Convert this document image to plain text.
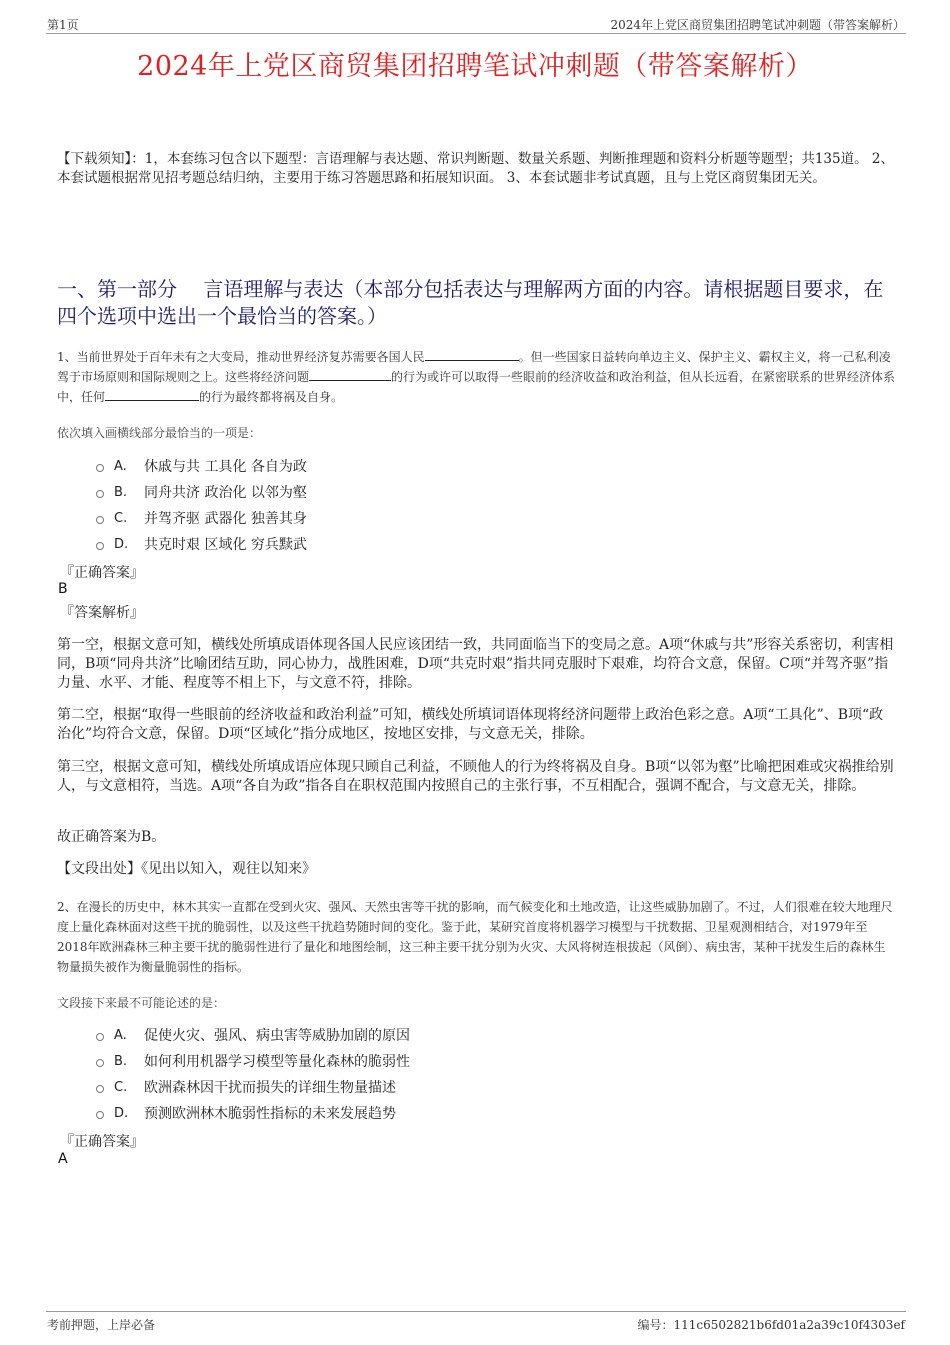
第1页	2024年上党区商贸集团招聘笔试冲刺题（带答案解析）
2024年上党区商贸集团招聘笔试冲刺题（带答案解析）
【下载须知】：1，本套练习包含以下题型：言语理解与表达题、常识判断题、数量关系题、判断推理题和资料分析题等题型；共135道。 2、本套试题根据常见招考题总结归纳，主要用于练习答题思路和拓展知识面。 3、本套试题非考试真题，且与上党区商贸集团无关。
一、第一部分　 言语理解与表达（本部分包括表达与理解两方面的内容。请根据题目要求，在四个选项中选出一个最恰当的答案。）
1、当前世界处于百年未有之大变局，推动世界经济复苏需要各国人民	。但一些国家日益转向单边主义、保护主义、霸权主义，将一己私利凌驾于市场原则和国际规则之上。这些将经济问题	的行为或许可以取得一些眼前的经济收益和政治利益，但从长远看，在紧密联系的世界经济体系中，任何	的行为最终都将祸及自身。
依次填入画横线部分最恰当的一项是：
A.	休戚与共 工具化 各自为政
B.	同舟共济 政治化 以邻为壑
C.	并驾齐驱 武器化 独善其身
D.	共克时艰 区域化 穷兵黩武
『正确答案』
B
『答案解析』
第一空，根据文意可知，横线处所填成语体现各国人民应该团结一致，共同面临当下的变局之意。A项“休戚与共”形容关系密切，利害相同，B项“同舟共济”比喻团结互助，同心协力，战胜困难，D项“共克时艰”指共同克服时下艰难，均符合文意，保留。C项“并驾齐驱”指力量、水平、才能、程度等不相上下，与文意不符，排除。
第二空，根据“取得一些眼前的经济收益和政治利益”可知，横线处所填词语体现将经济问题带上政治色彩之意。A项“工具化”、B项“政治化”均符合文意，保留。D项“区域化”指分成地区，按地区安排，与文意无关，排除。
第三空，根据文意可知，横线处所填成语应体现只顾自己利益，不顾他人的行为终将祸及自身。B项“以邻为壑”比喻把困难或灾祸推给别人，与文意相符，当选。A项“各自为政”指各自在职权范围内按照自己的主张行事，不互相配合，强调不配合，与文意无关，排除。
故正确答案为B。
【文段出处】《见出以知入，观往以知来》
2、在漫长的历史中，林木其实一直都在受到火灾、强风、天然虫害等干扰的影响，而气候变化和土地改造，让这些威胁加剧了。不过，人们很难在较大地理尺度上量化森林面对这些干扰的脆弱性，以及这些干扰趋势随时间的变化。鉴于此，某研究首度将机器学习模型与干扰数据、卫星观测相结合，对1979年至2018年欧洲森林三种主要干扰的脆弱性进行了量化和地图绘制，这三种主要干扰分别为火灾、大风将树连根拔起（风倒）、病虫害，某种干扰发生后的森林生物量损失被作为衡量脆弱性的指标。
文段接下来最不可能论述的是：
A.	促使火灾、强风、病虫害等威胁加剧的原因
B.	如何利用机器学习模型等量化森林的脆弱性
C.	欧洲森林因干扰而损失的详细生物量描述
D.	预测欧洲林木脆弱性指标的未来发展趋势
『正确答案』
A
考前押题，上岸必备	编号：111c6502821b6fd01a2a39c10f4303ef
